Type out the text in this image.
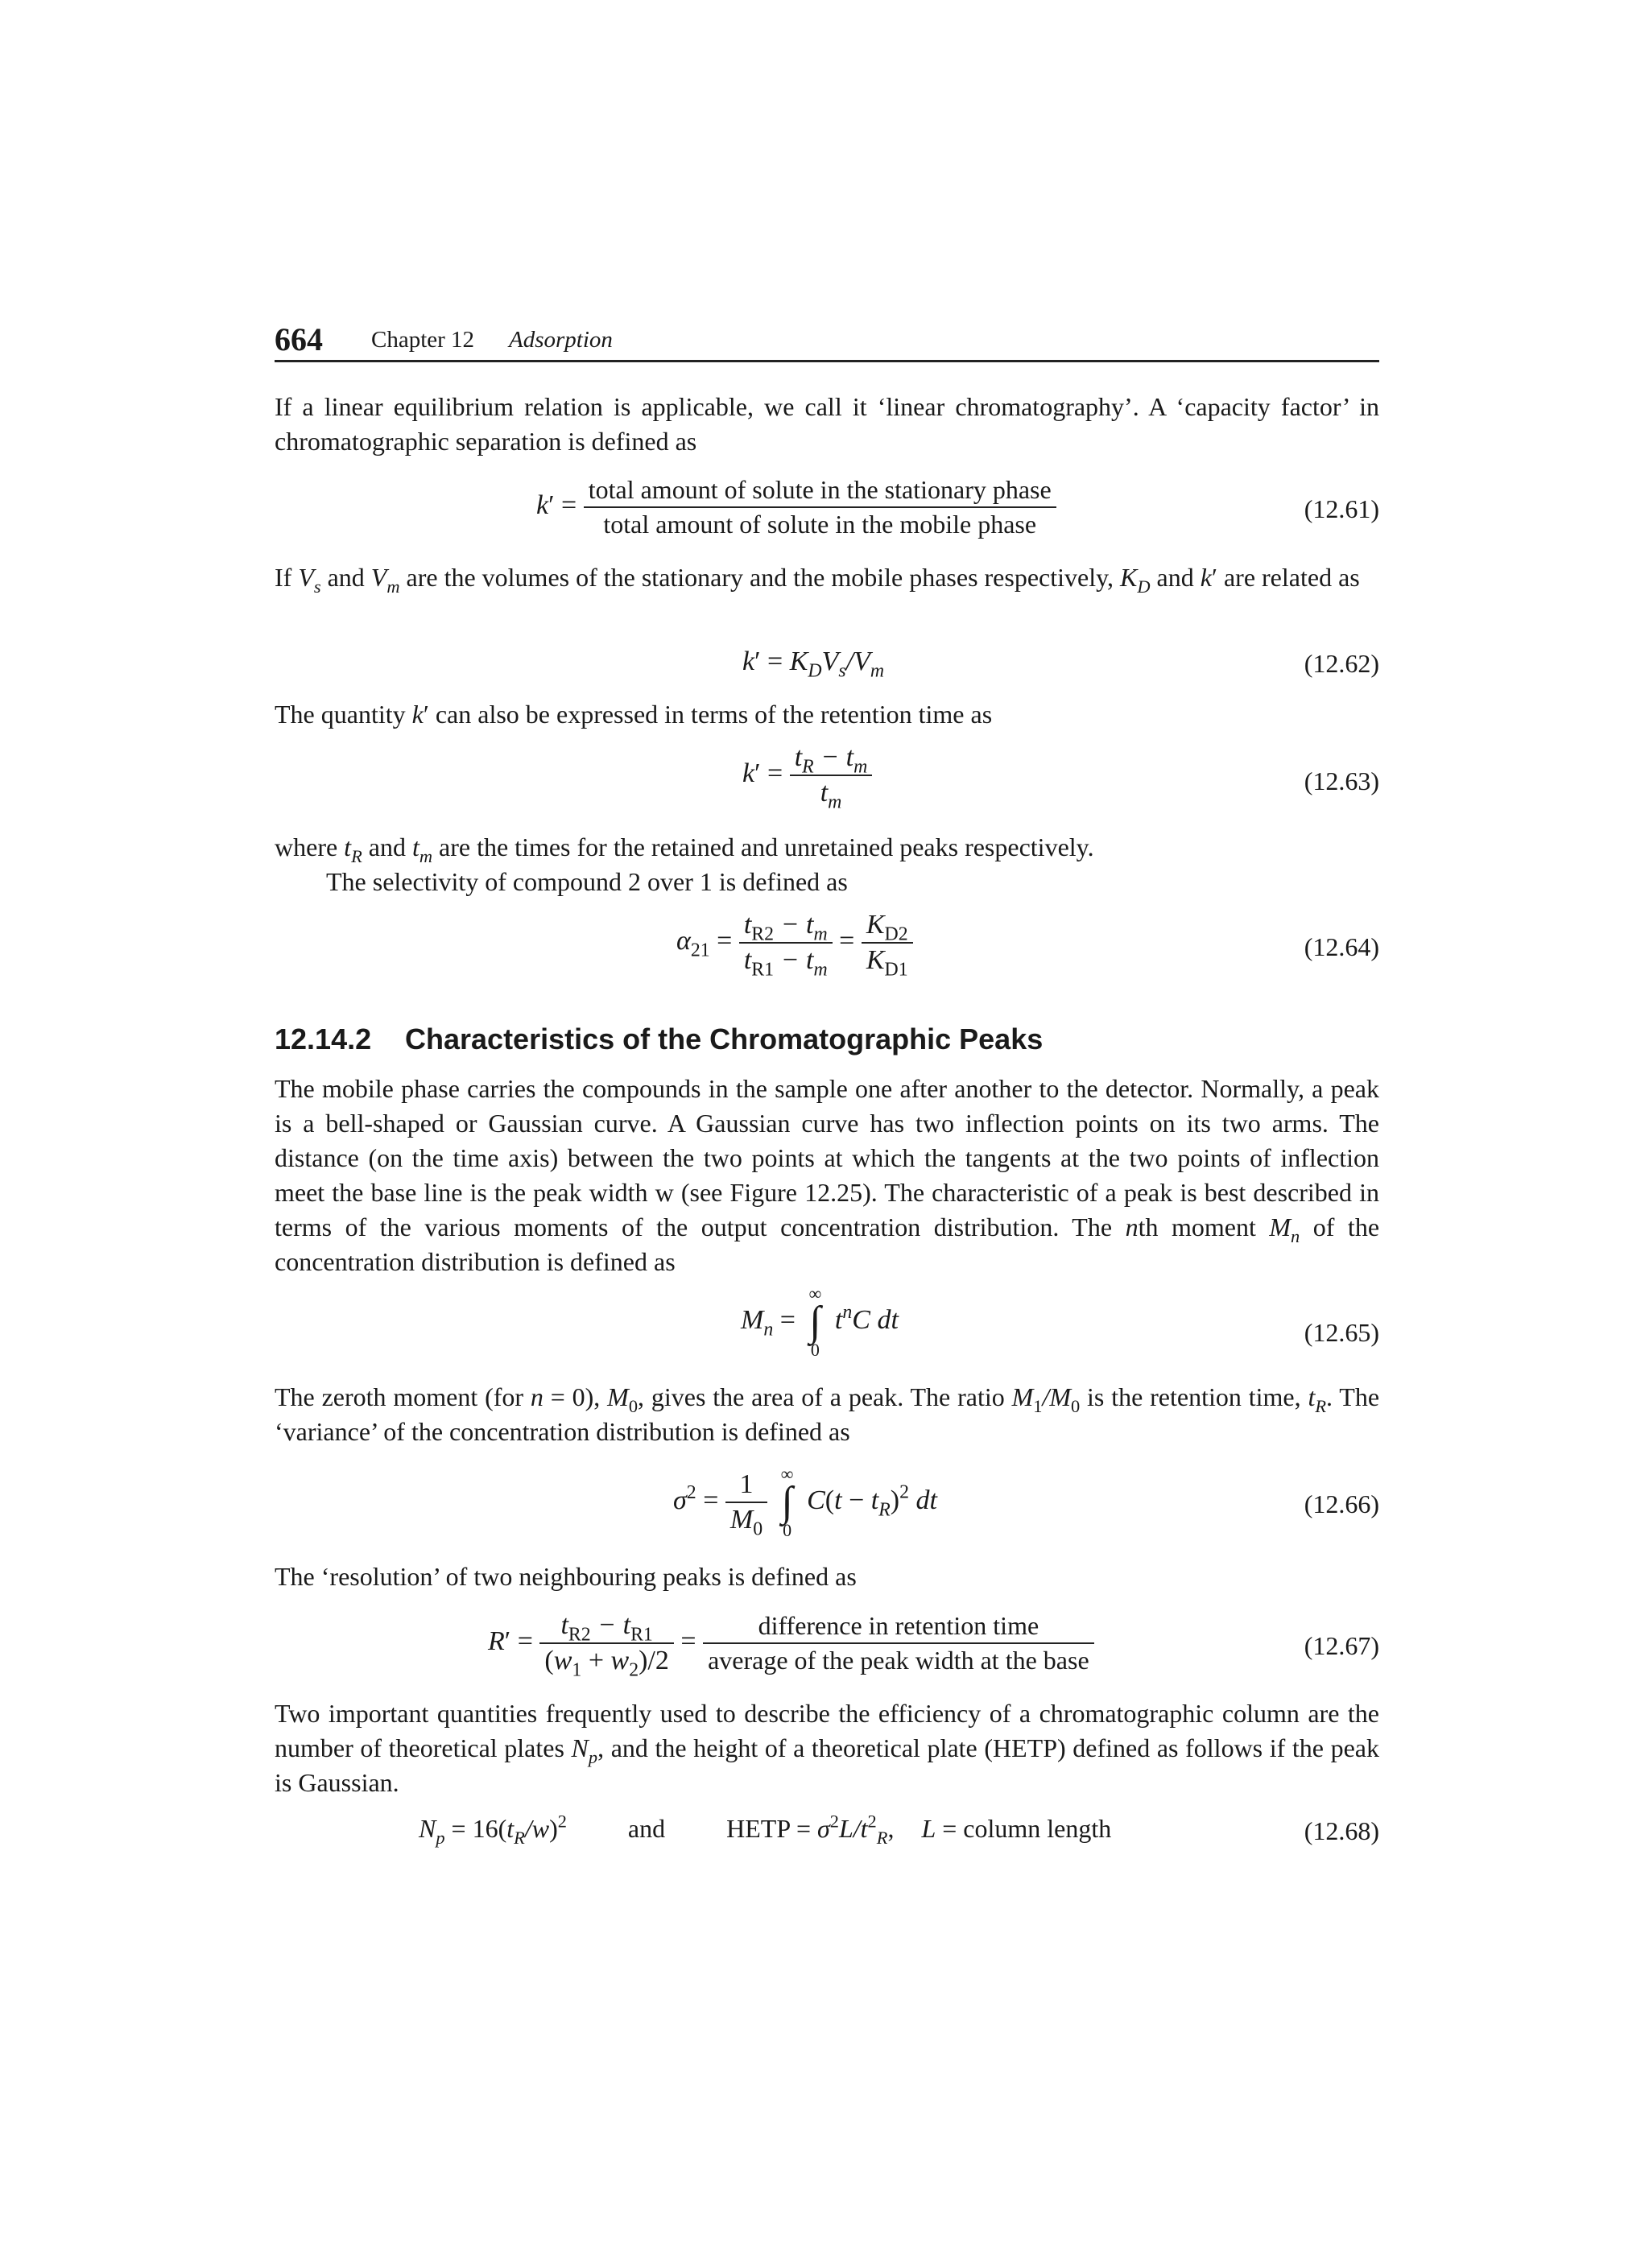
664 Chapter 12 Adsorption

If a linear equilibrium relation is applicable, we call it ‘linear chromatography’. A ‘capacity factor’ in chromatographic separation is defined as

$k' = \frac{\text{total amount of solute in the stationary phase}}{\text{total amount of solute in the mobile phase}}$	(12.61)

If $V_s$ and $V_m$ are the volumes of the stationary and the mobile phases respectively, $K_D$ and k′ are related as

$k' = K_DV_s/V_m$	(12.62)

The quantity k′ can also be expressed in terms of the retention time as

$k' = \frac{t_R - t_m}{t_m}$	(12.63)

where $t_R$ and $t_m$ are the times for the retained and unretained peaks respectively.

The selectivity of compound 2 over 1 is defined as

$\alpha_{21} = \frac{t_{R2} - t_m}{t_{R1} - t_m} = \frac{K_{D2}}{K_{D1}}$	(12.64)
12.14.2 Characteristics of the Chromatographic Peaks

The mobile phase carries the compounds in the sample one after another to the detector. Normally, a peak is a bell-shaped or Gaussian curve. A Gaussian curve has two inflection points on its two arms. The distance (on the time axis) between the two points at which the tangents at the two points of inflection meet the base line is the peak width w (see Figure 12.25). The characteristic of a peak is best described in terms of the various moments of the output concentration distribution. The nth moment $M_n$ of the concentration distribution is defined as

$M_n$ =
∞
∫
0
$t^nC$ dt	(12.65)

The zeroth moment (for n = 0), $M_0$, gives the area of a peak. The ratio $M_1/M_0$ is the retention time, $t_R$. The ‘variance’ of the concentration distribution is defined as

$\sigma^2 = \frac{1}{M_0}$
∞
∫
0
$C(t - t_R)^2$ dt	(12.66)

The ‘resolution’ of two neighbouring peaks is defined as

$R' = \frac{t_{R2} - t_{R1}}{(w_1 + w_2)/2} = \frac{\text{difference in retention time}}{\text{average of the peak width at the base}}$	(12.67)

Two important quantities frequently used to describe the efficiency of a chromatographic column are the number of theoretical plates $N_p$, and the height of a theoretical plate (HETP) defined as follows if the peak is Gaussian.

$N_p = 16(t_R/w)^2$ and HETP = $\sigma^2L/t^2_R$, L = column length	(12.68)
